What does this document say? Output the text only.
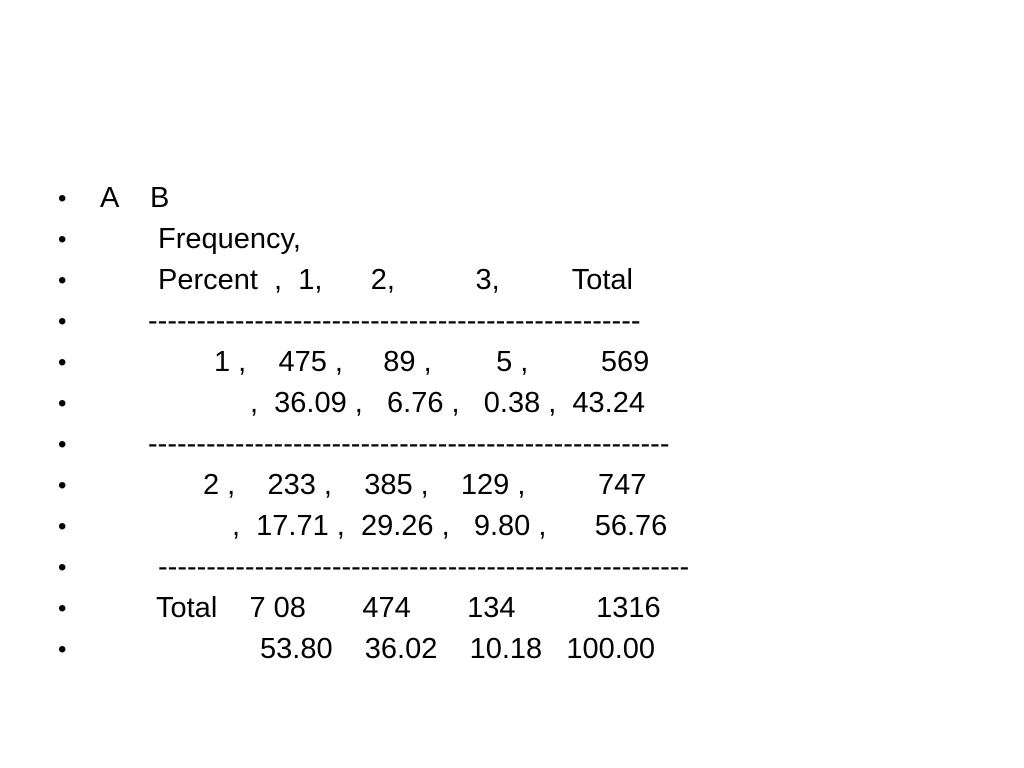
•

A    B

•

	Frequency,

•

	Percent  ,  1,      2,          3,         Total

•

	---------------------------------------------------

•

	1 ,    475 ,     89 ,        5 ,         569

•

	,  36.09 ,   6.76 ,   0.38 ,  43.24

•

	------------------------------------------------------

•

	2 ,    233 ,    385 ,    129 ,         747

•

	,  17.71 ,  29.26 ,   9.80 ,      56.76

•

	-------------------------------------------------------

•

	Total    7 08       474       134          1316

•

	53.80    36.02    10.18   100.00
